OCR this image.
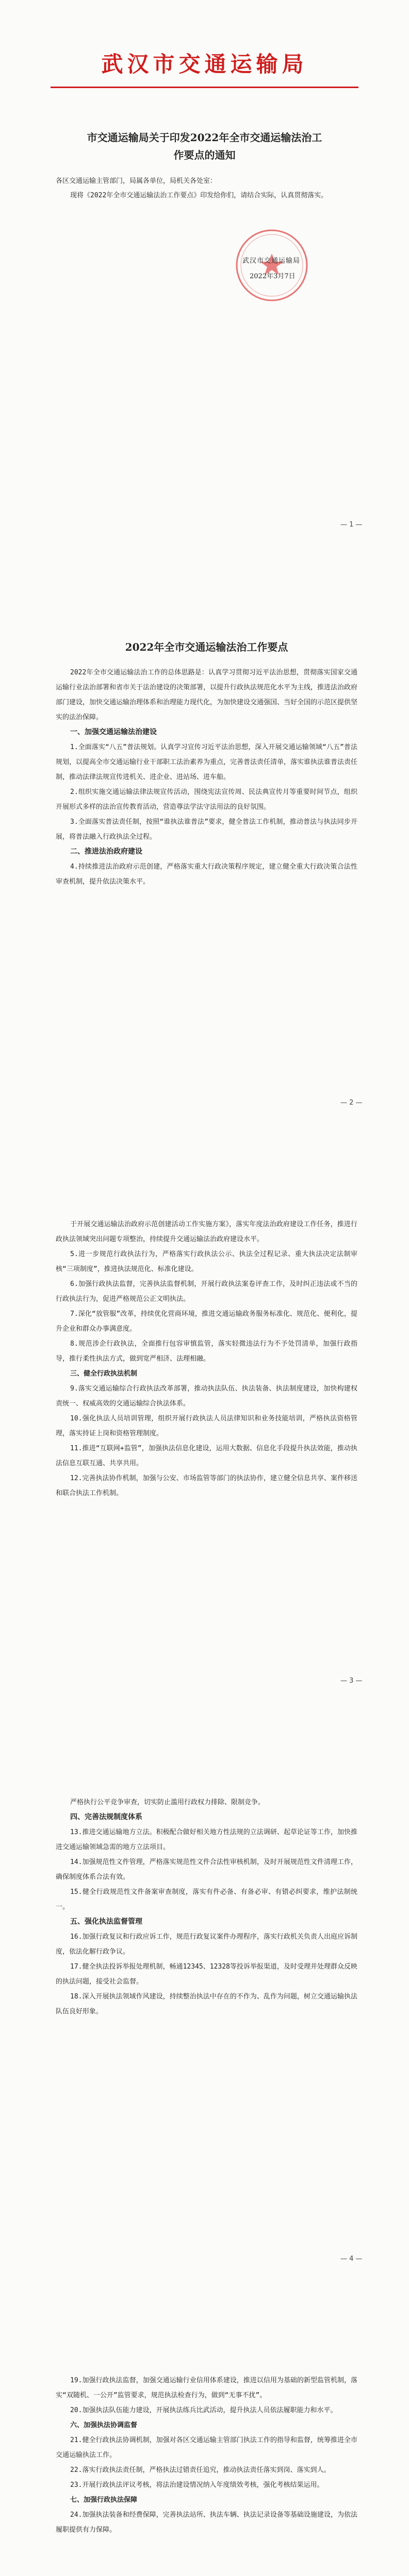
武汉市交通运输局
市交通运输局关于印发2022年全市交通运输法治工作要点的通知
各区交通运输主管部门，局属各单位，局机关各处室：

现将《2022年全市交通运输法治工作要点》印发给你们，请结合实际，认真贯彻落实。

武汉市交通运输局
2022年3月7日
— 1 —
2022年全市交通运输法治工作要点

2022年全市交通运输法治工作的总体思路是：认真学习贯彻习近平法治思想，贯彻落实国家交通运输行业法治部署和省市关于法治建设的决策部署，以提升行政执法规范化水平为主线，推进法治政府部门建设，加快交通运输治理体系和治理能力现代化，为加快建设交通强国、当好全国的示范区提供坚实的法治保障。

一、加强交通运输法治建设

1.全面落实“八五”普法规划。认真学习宣传习近平法治思想，深入开展交通运输领域“八五”普法规划，以提高全市交通运输行业干部职工法治素养为重点，完善普法责任清单，落实谁执法谁普法责任制，推动法律法规宣传进机关、进企业、进站场、进车船。

2.组织实施交通运输法律法规宣传活动，围绕宪法宣传周、民法典宣传月等重要时间节点，组织开展形式多样的法治宣传教育活动，营造尊法学法守法用法的良好氛围。

3.全面落实普法责任制，按照“谁执法谁普法”要求，健全普法工作机制，推动普法与执法同步开展，将普法融入行政执法全过程。

二、推进法治政府建设

4.持续推进法治政府示范创建，严格落实重大行政决策程序规定，建立健全重大行政决策合法性审查机制，提升依法决策水平。

— 2 —

于开展交通运输法治政府示范创建活动工作实施方案》，落实年度法治政府建设工作任务，推进行政执法领域突出问题专项整治，持续提升交通运输法治政府建设水平。

5.进一步规范行政执法行为，严格落实行政执法公示、执法全过程记录、重大执法决定法制审核“三项制度”，推进执法规范化、标准化建设。

6.加强行政执法监督，完善执法监督机制，开展行政执法案卷评查工作，及时纠正违法或不当的行政执法行为，促进严格规范公正文明执法。

7.深化“放管服”改革，持续优化营商环境，推进交通运输政务服务标准化、规范化、便利化，提升企业和群众办事满意度。

8.规范涉企行政执法，全面推行包容审慎监管，落实轻微违法行为不予处罚清单，加强行政指导，推行柔性执法方式，做到宽严相济、法理相融。

三、健全行政执法机制

9.落实交通运输综合行政执法改革部署，推动执法队伍、执法装备、执法制度建设，加快构建权责统一、权威高效的交通运输综合执法体系。

10.强化执法人员培训管理，组织开展行政执法人员法律知识和业务技能培训，严格执法资格管理，落实持证上岗和资格管理制度。

11.推进“互联网+监管”，加强执法信息化建设，运用大数据、信息化手段提升执法效能，推动执法信息互联互通、共享共用。

12.完善执法协作机制，加强与公安、市场监管等部门的执法协作，建立健全信息共享、案件移送和联合执法工作机制。

— 3 —

严格执行公平竞争审查，切实防止滥用行政权力排除、限制竞争。

四、完善法规制度体系

13.推进交通运输地方立法。积极配合做好相关地方性法规的立法调研、起草论证等工作，加快推进交通运输领域急需的地方立法项目。

14.加强规范性文件管理，严格落实规范性文件合法性审核机制，及时开展规范性文件清理工作，确保制度体系合法有效。

15.健全行政规范性文件备案审查制度，落实有件必备、有备必审、有错必纠要求，维护法制统一。

五、强化执法监督管理

16.加强行政复议和行政应诉工作，规范行政复议案件办理程序，落实行政机关负责人出庭应诉制度，依法化解行政争议。

17.健全执法投诉举报处理机制，畅通12345、12328等投诉举报渠道，及时受理并处理群众反映的执法问题，接受社会监督。

18.深入开展执法领域作风建设，持续整治执法中存在的不作为、乱作为问题，树立交通运输执法队伍良好形象。

— 4 —

19.加强行政执法监督，加强交通运输行业信用体系建设，推进以信用为基础的新型监管机制，落实“双随机、一公开”监管要求，规范执法检查行为，做到“无事不扰”。

20.加强执法队伍能力建设，开展执法练兵比武活动，提升执法人员依法履职能力和水平。

六、加强执法协调监督

21.健全行政执法协调机制，加强对各区交通运输主管部门执法工作的指导和监督，统筹推进全市交通运输执法工作。

22.落实行政执法责任制，严格执法过错责任追究，推动执法责任落实到岗、落实到人。

23.开展行政执法评议考核，将法治建设情况纳入年度绩效考核，强化考核结果运用。

七、加强行政执法保障

24.加强执法装备和经费保障，完善执法站所、执法车辆、执法记录设备等基础设施建设，为依法履职提供有力保障。
